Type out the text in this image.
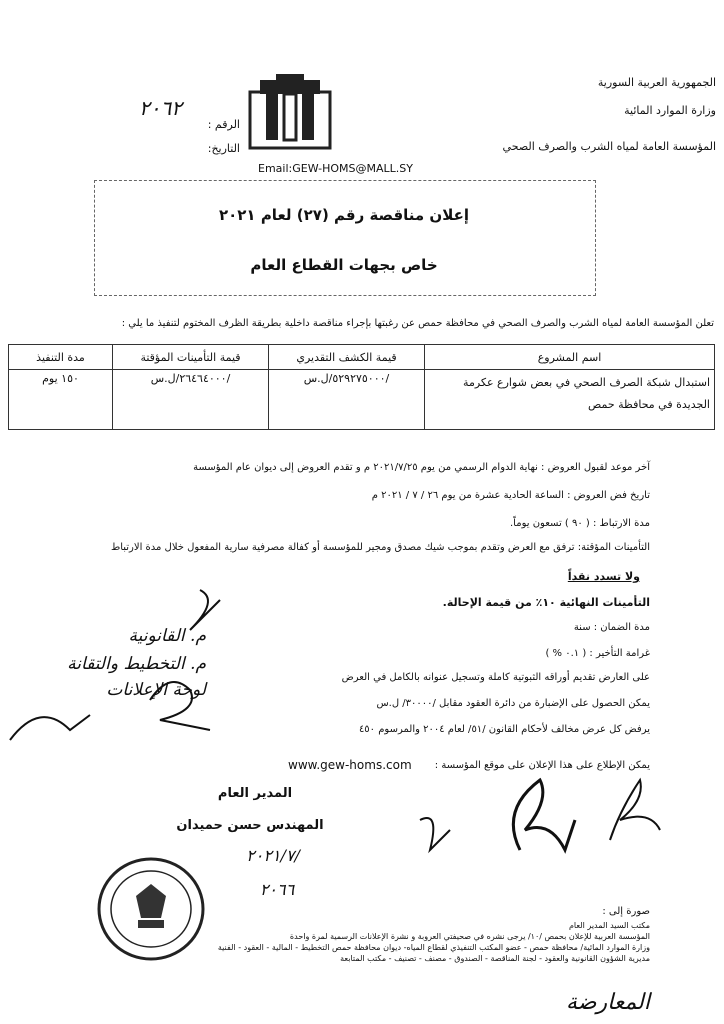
الجمهورية العربية السورية
وزارة الموارد المائية
المؤسسة العامة لمياه الشرب والصرف الصحي
الرقم :
٢٠٦٢
التاريخ:
Email:GEW-HOMS@MALL.SY
إعلان مناقصة رقم (٢٧) لعام ٢٠٢١
خاص بجهات القطاع العام
تعلن المؤسسة العامة لمياه الشرب والصرف الصحي في محافظة حمص عن رغبتها بإجراء مناقصة داخلية بطريقة الظرف المختوم لتنفيذ ما يلي :
اسم المشروع	قيمة الكشف التقديري	قيمة التأمينات المؤقتة	مدة التنفيذ
استبدال شبكة الصرف الصحي في بعض شوارع عكرمة الجديدة في محافظة حمص	/٥٢٩٢٧٥٠٠٠/ل.س	/٢٦٤٦٤٠٠٠/ل.س	١٥٠ يوم
آخر موعد لقبول العروض : نهاية الدوام الرسمي من يوم ٢٠٢١/٧/٢٥ م و تقدم العروض إلى ديوان عام المؤسسة
تاريخ فض العروض : الساعة الحادية عشرة من يوم ٢٦ / ٧ / ٢٠٢١ م
مدة الارتباط : ( ٩٠ ) تسعون يوماً.
التأمينات المؤقتة: ترفق مع العرض وتقدم بموجب شيك مصدق ومجير للمؤسسة أو كفالة مصرفية سارية المفعول خلال مدة الارتباط
ولا تسدد نقداً
التأمينات النهائية ١٠٪ من قيمة الإحالة.
مدة الضمان : سنة
غرامة التأخير : ( ٠.١ % )
على العارض تقديم أوراقه الثبوتية كاملة وتسجيل عنوانه بالكامل في العرض
يمكن الحصول على الإضبارة من دائرة العقود مقابل /٣٠٠٠٠/ ل.س
يرفض كل عرض مخالف لأحكام القانون /٥١/ لعام ٢٠٠٤ والمرسوم ٤٥٠
يمكن الإطلاع على هذا الإعلان على موقع المؤسسة :
www.gew-homs.com
م. القانونية
م. التخطيط والتقانة
لوحة الإعلانات
المدير العام
المهندس حسن حميدان
٢٠٢١/٧/
٢٠٦٦
صورة إلى :
مكتب السيد المدير العام
المؤسسة العربية للإعلان بحمص /١٠/ يرجى نشره في صحيفتي العروبة و نشرة الإعلانات الرسمية لمرة واحدة
وزارة الموارد المائية/ محافظة حمص - عضو المكتب التنفيذي لقطاع المياه- ديوان محافظة حمص التخطيط - المالية - العقود - الفنية
مديرية الشؤون القانونية والعقود - لجنة المناقصة - الصندوق - مصنف - تصنيف - مكتب المتابعة
المعارضة
